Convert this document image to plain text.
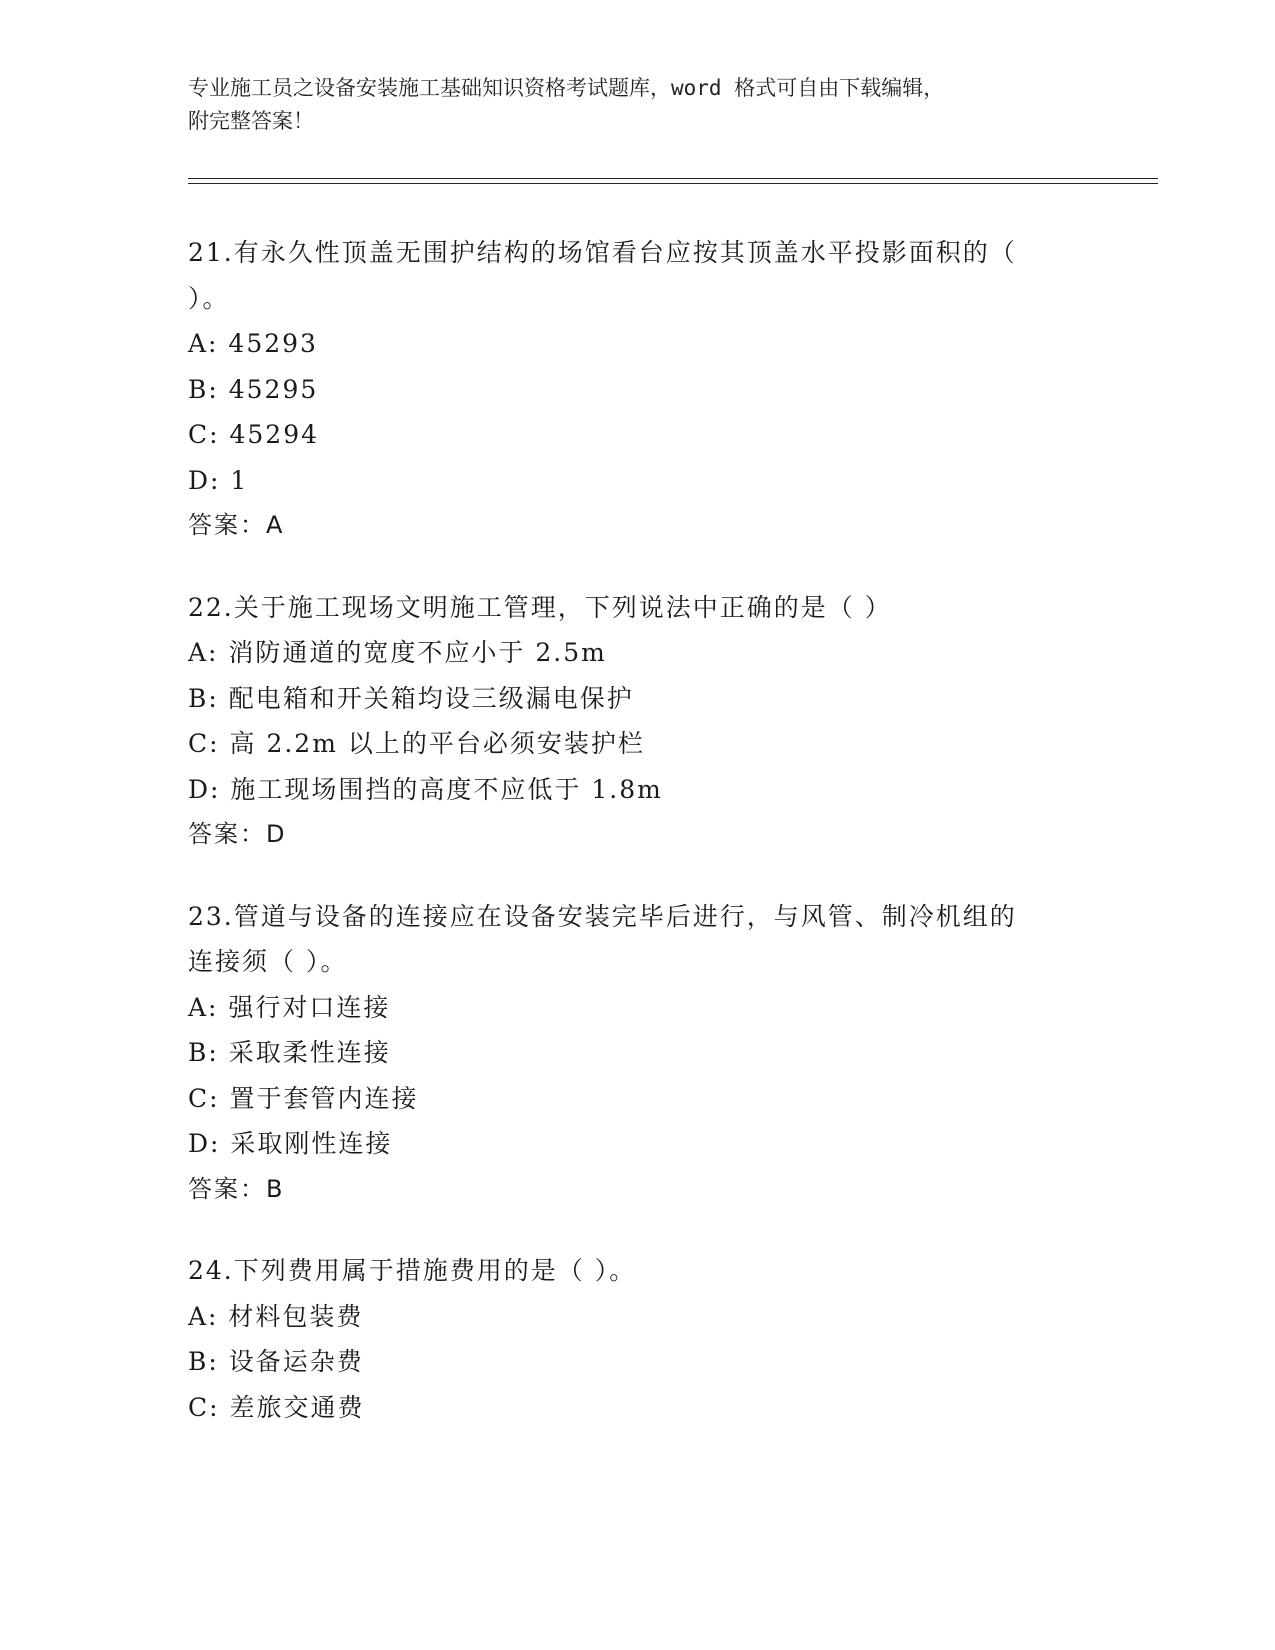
专业施工员之设备安装施工基础知识资格考试题库，word 格式可自由下载编辑，
附完整答案！
21.有永久性顶盖无围护结构的场馆看台应按其顶盖水平投影面积的（
）。
A: 45293
B: 45295
C: 45294
D: 1
答案：A
22.关于施工现场文明施工管理，下列说法中正确的是（ ）
A: 消防通道的宽度不应小于 2.5m
B: 配电箱和开关箱均设三级漏电保护
C: 高 2.2m 以上的平台必须安装护栏
D: 施工现场围挡的高度不应低于 1.8m
答案：D
23.管道与设备的连接应在设备安装完毕后进行，与风管、制冷机组的
连接须（ ）。
A: 强行对口连接
B: 采取柔性连接
C: 置于套管内连接
D: 采取刚性连接
答案：B
24.下列费用属于措施费用的是（ ）。
A: 材料包装费
B: 设备运杂费
C: 差旅交通费
